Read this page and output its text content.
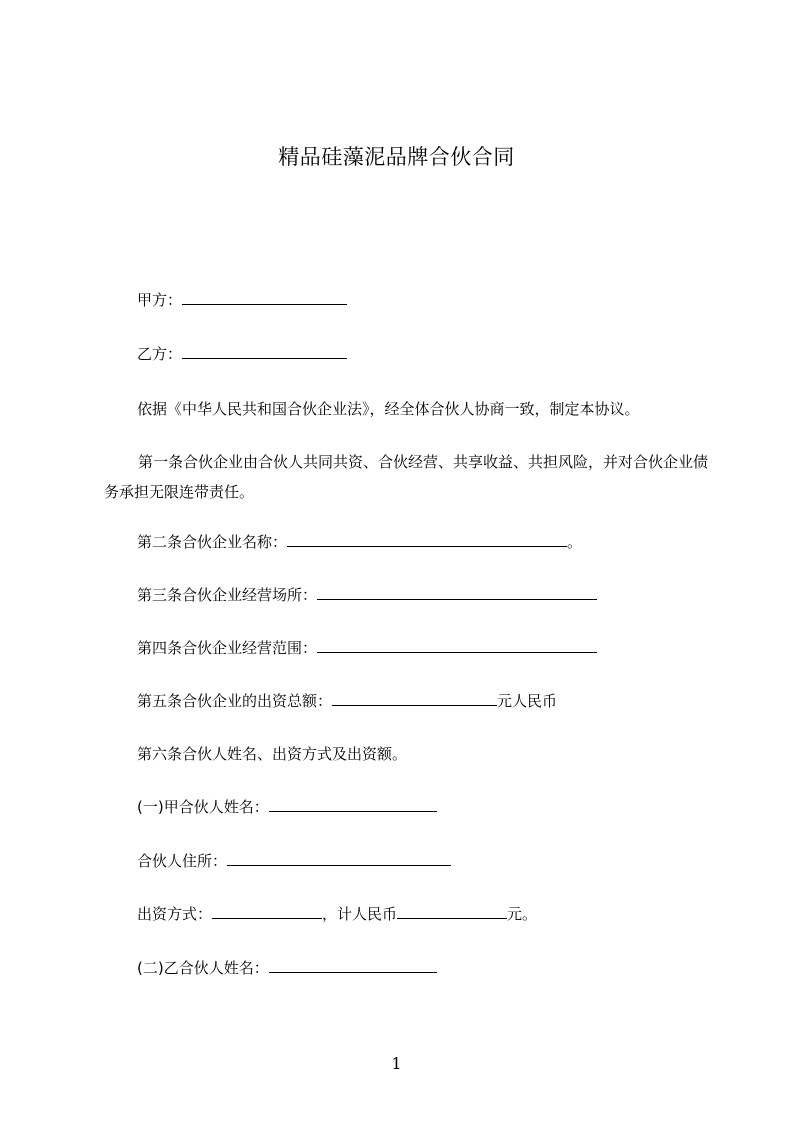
精品硅藻泥品牌合伙合同
甲方：
乙方：
依据《中华人民共和国合伙企业法》，经全体合伙人协商一致，制定本协议。
第一条合伙企业由合伙人共同共资、合伙经营、共享收益、共担风险，并对合伙企业债务承担无限连带责任。
第二条合伙企业名称：	。
第三条合伙企业经营场所：
第四条合伙企业经营范围：
第五条合伙企业的出资总额：	元人民币
第六条合伙人姓名、出资方式及出资额。
(一)甲合伙人姓名：
合伙人住所：
出资方式：	，计人民币	元。
(二)乙合伙人姓名：
1
